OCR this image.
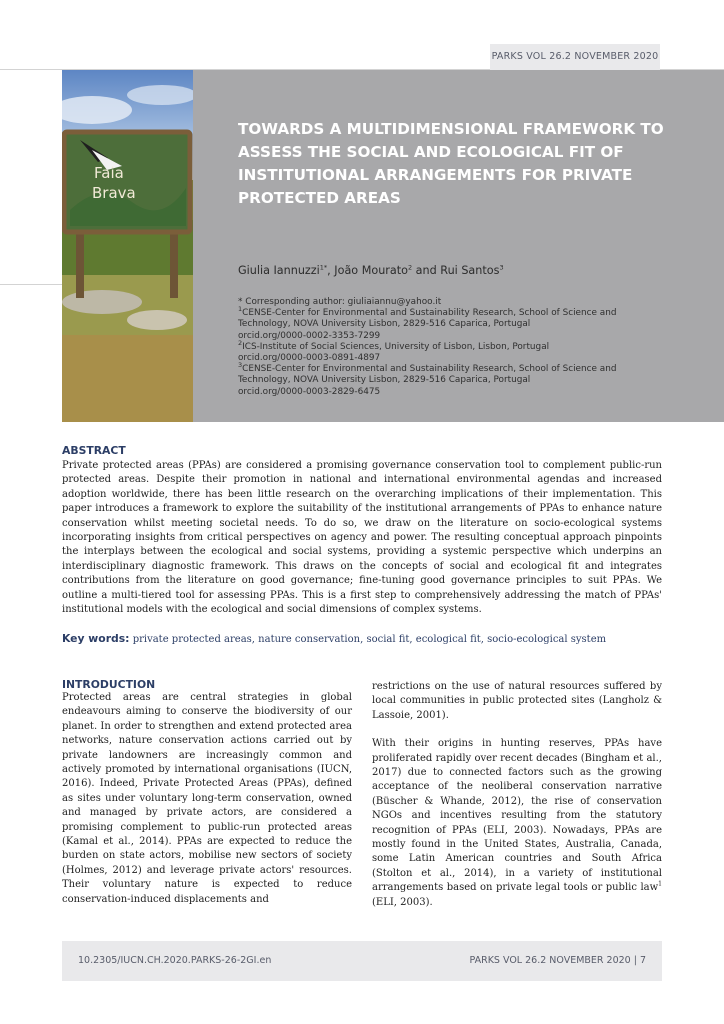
PARKS VOL 26.2 NOVEMBER 2020
Faia
Brava
TOWARDS A MULTIDIMENSIONAL FRAMEWORK TO ASSESS THE SOCIAL AND ECOLOGICAL FIT OF INSTITUTIONAL ARRANGEMENTS FOR PRIVATE PROTECTED AREAS
Giulia Iannuzzi$^{1*}$, João Mourato$^2$ and Rui Santos$^3$
* Corresponding author: giuliaiannu@yahoo.it
$^1$CENSE-Center for Environmental and Sustainability Research, School of Science and Technology, NOVA University Lisbon, 2829-516 Caparica, Portugal
orcid.org/0000-0002-3353-7299
$^2$ICS-Institute of Social Sciences, University of Lisbon, Lisbon, Portugal
orcid.org/0000-0003-0891-4897
$^3$CENSE-Center for Environmental and Sustainability Research, School of Science and Technology, NOVA University Lisbon, 2829-516 Caparica, Portugal
orcid.org/0000-0003-2829-6475
ABSTRACT

Private protected areas (PPAs) are considered a promising governance conservation tool to complement public-run protected areas. Despite their promotion in national and international environmental agendas and increased adoption worldwide, there has been little research on the overarching implications of their implementation. This paper introduces a framework to explore the suitability of the institutional arrangements of PPAs to enhance nature conservation whilst meeting societal needs. To do so, we draw on the literature on socio-ecological systems incorporating insights from critical perspectives on agency and power. The resulting conceptual approach pinpoints the interplays between the ecological and social systems, providing a systemic perspective which underpins an interdisciplinary diagnostic framework. This draws on the concepts of social and ecological fit and integrates contributions from the literature on good governance; fine-tuning good governance principles to suit PPAs. We outline a multi-tiered tool for assessing PPAs. This is a first step to comprehensively addressing the match of PPAs' institutional models with the ecological and social dimensions of complex systems.

Key words: private protected areas, nature conservation, social fit, ecological fit, socio-ecological system
INTRODUCTION

Protected areas are central strategies in global endeavours aiming to conserve the biodiversity of our planet. In order to strengthen and extend protected area networks, nature conservation actions carried out by private landowners are increasingly common and actively promoted by international organisations (IUCN, 2016). Indeed, Private Protected Areas (PPAs), defined as sites under voluntary long-term conservation, owned and managed by private actors, are considered a promising complement to public-run protected areas (Kamal et al., 2014). PPAs are expected to reduce the burden on state actors, mobilise new sectors of society (Holmes, 2012) and leverage private actors' resources. Their voluntary nature is expected to reduce conservation-induced displacements and

restrictions on the use of natural resources suffered by local communities in public protected sites (Langholz & Lassoie, 2001).

With their origins in hunting reserves, PPAs have proliferated rapidly over recent decades (Bingham et al., 2017) due to connected factors such as the growing acceptance of the neoliberal conservation narrative (Büscher & Whande, 2012), the rise of conservation NGOs and incentives resulting from the statutory recognition of PPAs (ELI, 2003). Nowadays, PPAs are mostly found in the United States, Australia, Canada, some Latin American countries and South Africa (Stolton et al., 2014), in a variety of institutional arrangements based on private legal tools or public law$^1$ (ELI, 2003).

10.2305/IUCN.CH.2020.PARKS-26-2GI.en	PARKS VOL 26.2 NOVEMBER 2020 | 7
